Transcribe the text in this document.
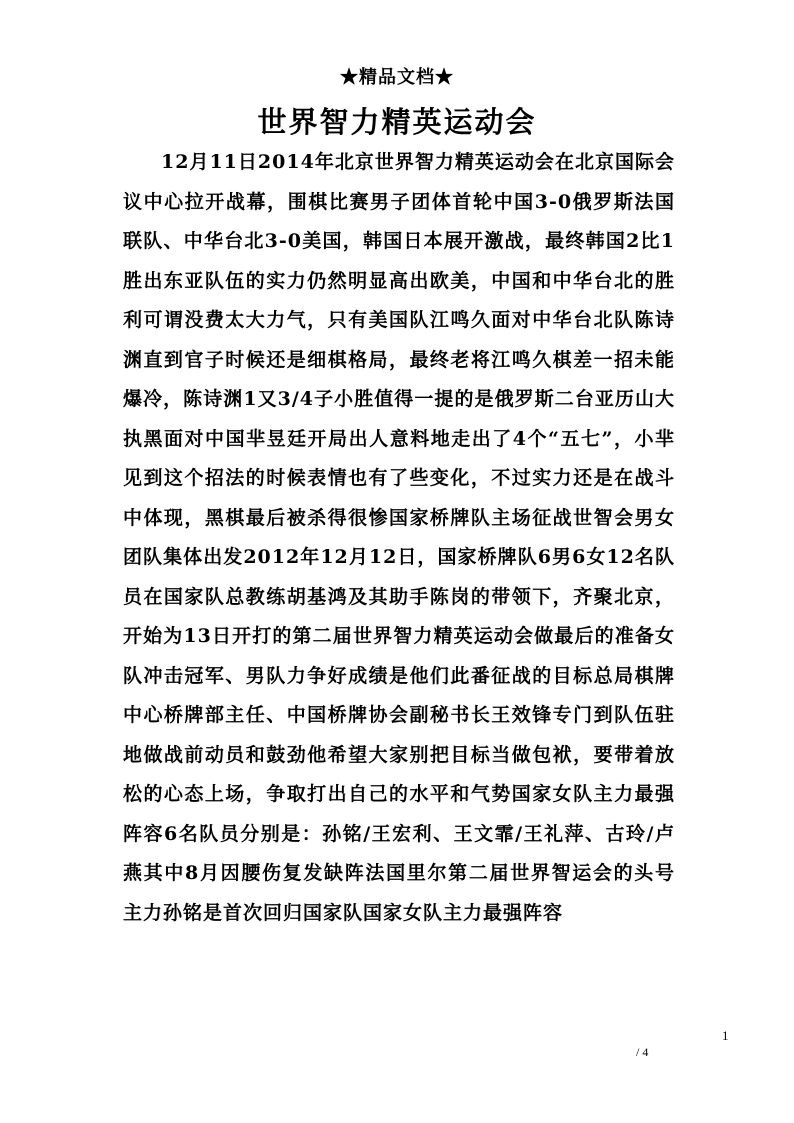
★精品文档★
世界智力精英运动会

12月11日2014年北京世界智力精英运动会在北京国际会议中心拉开战幕，围棋比赛男子团体首轮中国3-0俄罗斯法国联队、中华台北3-0美国，韩国日本展开激战，最终韩国2比1胜出东亚队伍的实力仍然明显高出欧美，中国和中华台北的胜利可谓没费太大力气，只有美国队江鸣久面对中华台北队陈诗渊直到官子时候还是细棋格局，最终老将江鸣久棋差一招未能爆冷，陈诗渊1又3/4子小胜值得一提的是俄罗斯二台亚历山大执黑面对中国芈昱廷开局出人意料地走出了4个“五七”，小芈见到这个招法的时候表情也有了些变化，不过实力还是在战斗中体现，黑棋最后被杀得很惨国家桥牌队主场征战世智会男女团队集体出发2012年12月12日，国家桥牌队6男6女12名队员在国家队总教练胡基鸿及其助手陈岗的带领下，齐聚北京，开始为13日开打的第二届世界智力精英运动会做最后的准备女队冲击冠军、男队力争好成绩是他们此番征战的目标总局棋牌中心桥牌部主任、中国桥牌协会副秘书长王效锋专门到队伍驻地做战前动员和鼓劲他希望大家别把目标当做包袱，要带着放松的心态上场，争取打出自己的水平和气势国家女队主力最强阵容6名队员分别是：孙铭/王宏利、王文霏/王礼萍、古玲/卢燕其中8月因腰伤复发缺阵法国里尔第二届世界智运会的头号主力孙铭是首次回归国家队国家女队主力最强阵容

1
/ 4
